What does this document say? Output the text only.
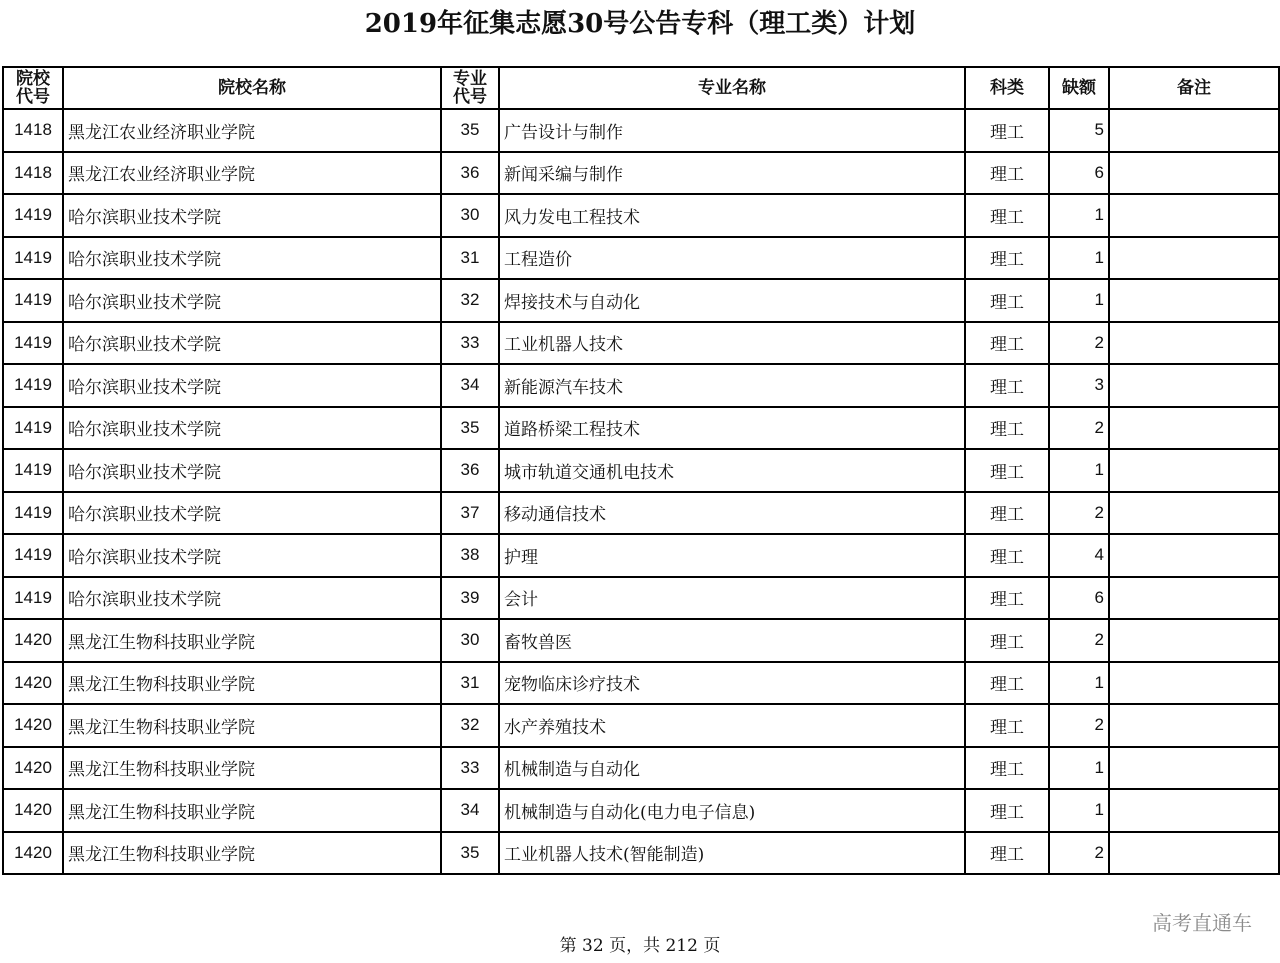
2019年征集志愿30号公告专科（理工类）计划
院校代号	院校名称	专业代号	专业名称	科类	缺额	备注
1418	黑龙江农业经济职业学院	35	广告设计与制作	理工	5	
1418	黑龙江农业经济职业学院	36	新闻采编与制作	理工	6	
1419	哈尔滨职业技术学院	30	风力发电工程技术	理工	1	
1419	哈尔滨职业技术学院	31	工程造价	理工	1	
1419	哈尔滨职业技术学院	32	焊接技术与自动化	理工	1	
1419	哈尔滨职业技术学院	33	工业机器人技术	理工	2	
1419	哈尔滨职业技术学院	34	新能源汽车技术	理工	3	
1419	哈尔滨职业技术学院	35	道路桥梁工程技术	理工	2	
1419	哈尔滨职业技术学院	36	城市轨道交通机电技术	理工	1	
1419	哈尔滨职业技术学院	37	移动通信技术	理工	2	
1419	哈尔滨职业技术学院	38	护理	理工	4	
1419	哈尔滨职业技术学院	39	会计	理工	6	
1420	黑龙江生物科技职业学院	30	畜牧兽医	理工	2	
1420	黑龙江生物科技职业学院	31	宠物临床诊疗技术	理工	1	
1420	黑龙江生物科技职业学院	32	水产养殖技术	理工	2	
1420	黑龙江生物科技职业学院	33	机械制造与自动化	理工	1	
1420	黑龙江生物科技职业学院	34	机械制造与自动化(电力电子信息)	理工	1	
1420	黑龙江生物科技职业学院	35	工业机器人技术(智能制造)	理工	2	
高考直通车
第 32 页，共 212 页
